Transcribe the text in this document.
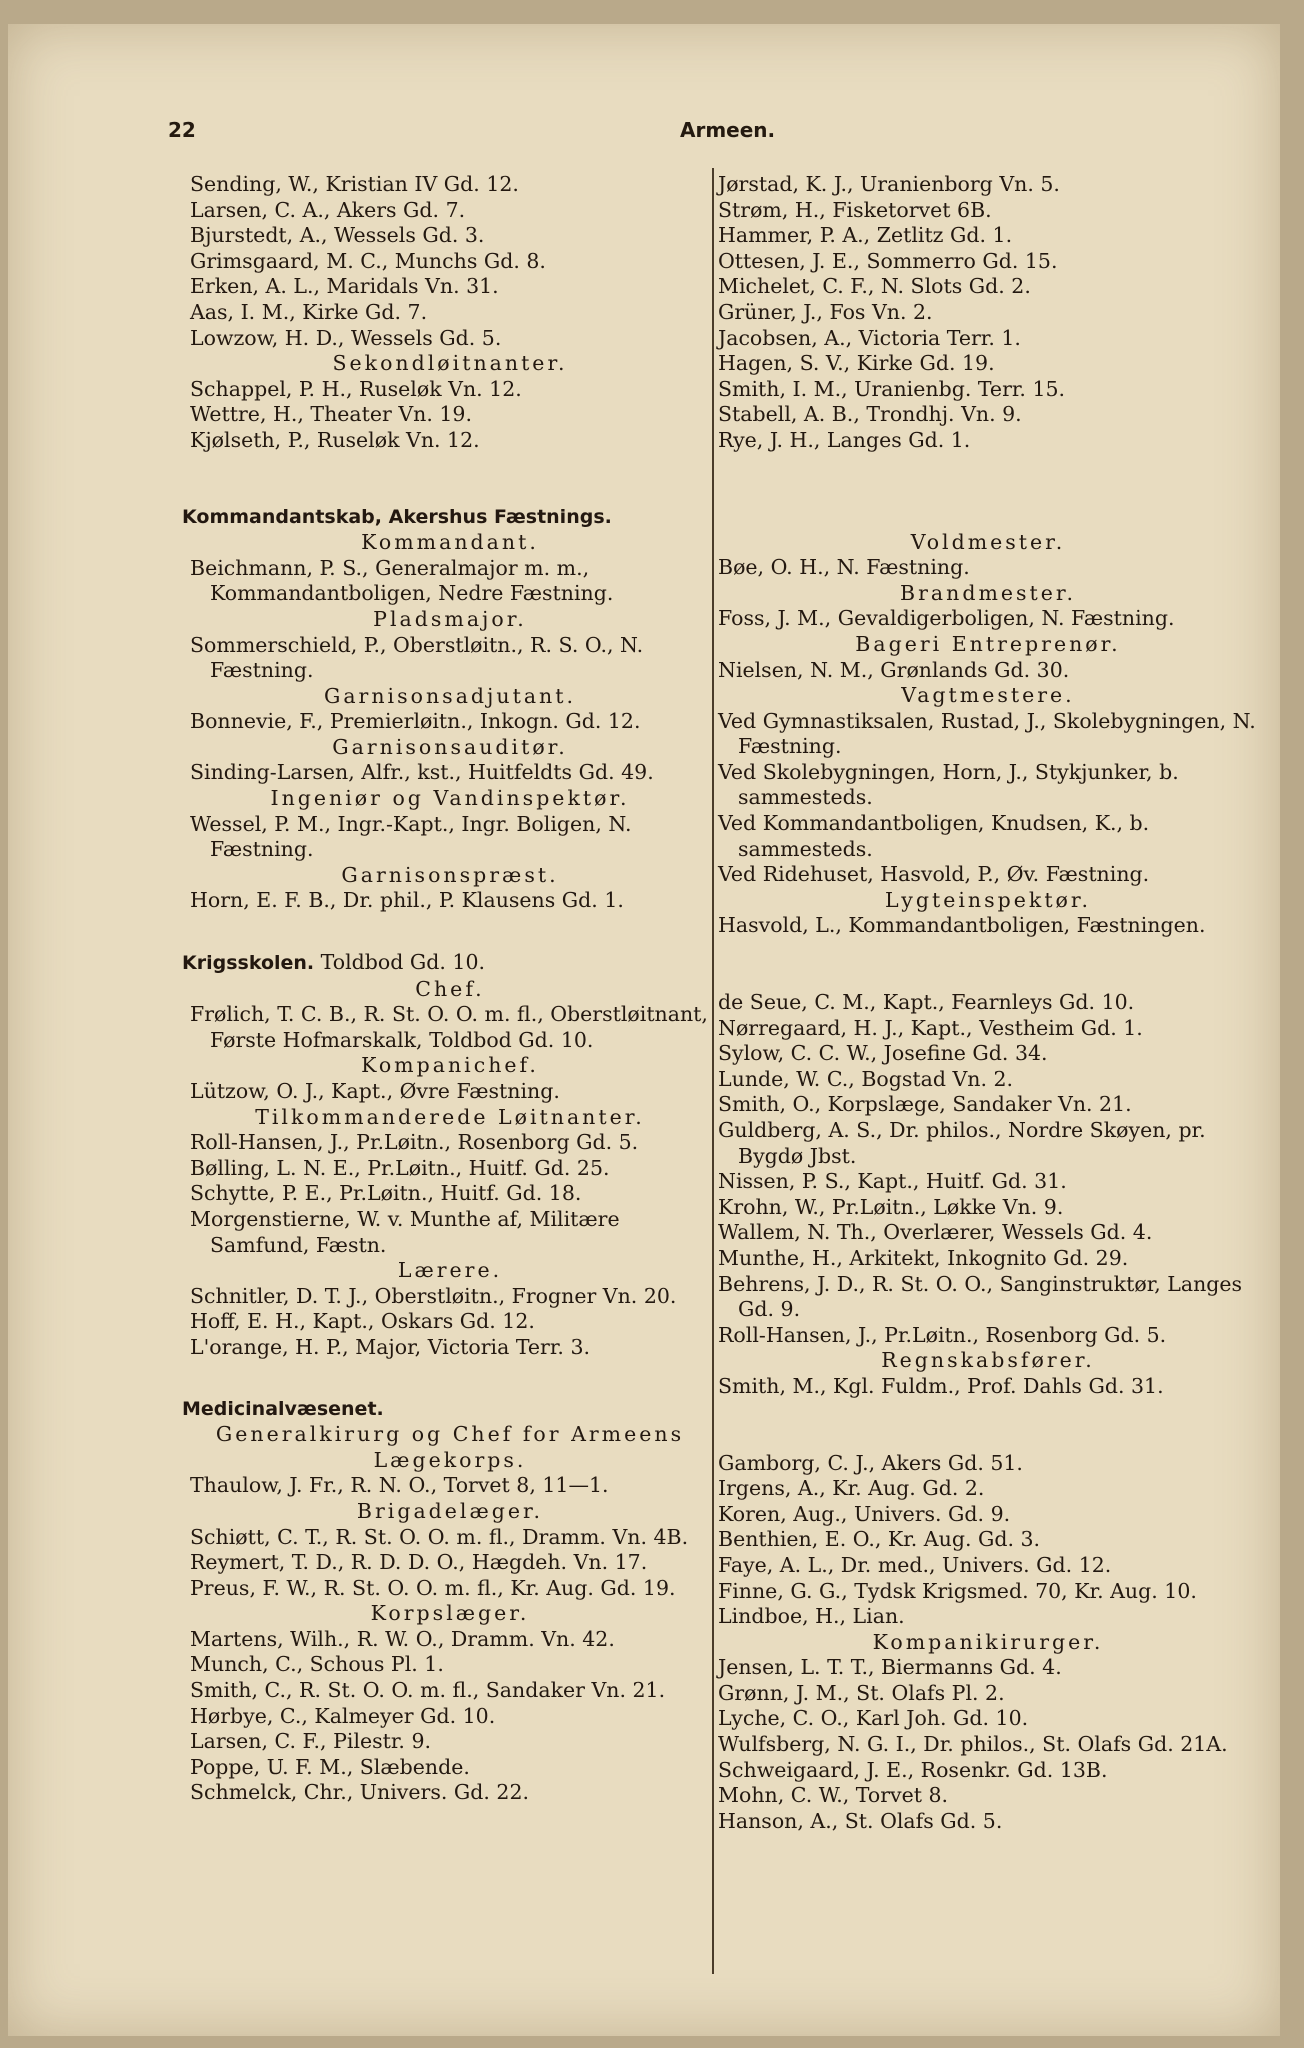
22	Armeen.
Sending, W., Kristian IV Gd. 12.
Larsen, C. A., Akers Gd. 7.
Bjurstedt, A., Wessels Gd. 3.
Grimsgaard, M. C., Munchs Gd. 8.
Erken, A. L., Maridals Vn. 31.
Aas, I. M., Kirke Gd. 7.
Lowzow, H. D., Wessels Gd. 5.
Sekondløitnanter.
Schappel, P. H., Ruseløk Vn. 12.
Wettre, H., Theater Vn. 19.
Kjølseth, P., Ruseløk Vn. 12.
Kommandantskab, Akershus Fæstnings.
Kommandant.
Beichmann, P. S., Generalmajor m. m., Kommandantboligen, Nedre Fæstning.
Pladsmajor.
Sommerschield, P., Oberstløitn., R. S. O., N. Fæstning.
Garnisonsadjutant.
Bonnevie, F., Premierløitn., Inkogn. Gd. 12.
Garnisonsauditør.
Sinding-Larsen, Alfr., kst., Huitfeldts Gd. 49.
Ingeniør og Vandinspektør.
Wessel, P. M., Ingr.-Kapt., Ingr. Boligen, N. Fæstning.
Garnisonspræst.
Horn, E. F. B., Dr. phil., P. Klausens Gd. 1.
Krigsskolen. Toldbod Gd. 10.
Chef.
Frølich, T. C. B., R. St. O. O. m. fl., Oberstløitnant, Første Hofmarskalk, Toldbod Gd. 10.
Kompanichef.
Lützow, O. J., Kapt., Øvre Fæstning.
Tilkommanderede Løitnanter.
Roll-Hansen, J., Pr.Løitn., Rosenborg Gd. 5.
Bølling, L. N. E., Pr.Løitn., Huitf. Gd. 25.
Schytte, P. E., Pr.Løitn., Huitf. Gd. 18.
Morgenstierne, W. v. Munthe af, Militære Samfund, Fæstn.
Lærere.
Schnitler, D. T. J., Oberstløitn., Frogner Vn. 20.
Hoff, E. H., Kapt., Oskars Gd. 12.
L'orange, H. P., Major, Victoria Terr. 3.
Medicinalvæsenet.
Generalkirurg og Chef for Armeens
Lægekorps.
Thaulow, J. Fr., R. N. O., Torvet 8, 11—1.
Brigadelæger.
Schiøtt, C. T., R. St. O. O. m. fl., Dramm. Vn. 4B.
Reymert, T. D., R. D. D. O., Hægdeh. Vn. 17.
Preus, F. W., R. St. O. O. m. fl., Kr. Aug. Gd. 19.
Korpslæger.
Martens, Wilh., R. W. O., Dramm. Vn. 42.
Munch, C., Schous Pl. 1.
Smith, C., R. St. O. O. m. fl., Sandaker Vn. 21.
Hørbye, C., Kalmeyer Gd. 10.
Larsen, C. F., Pilestr. 9.
Poppe, U. F. M., Slæbende.
Schmelck, Chr., Univers. Gd. 22.
Jørstad, K. J., Uranienborg Vn. 5.
Strøm, H., Fisketorvet 6B.
Hammer, P. A., Zetlitz Gd. 1.
Ottesen, J. E., Sommerro Gd. 15.
Michelet, C. F., N. Slots Gd. 2.
Grüner, J., Fos Vn. 2.
Jacobsen, A., Victoria Terr. 1.
Hagen, S. V., Kirke Gd. 19.
Smith, I. M., Uranienbg. Terr. 15.
Stabell, A. B., Trondhj. Vn. 9.
Rye, J. H., Langes Gd. 1.
Voldmester.
Bøe, O. H., N. Fæstning.
Brandmester.
Foss, J. M., Gevaldigerboligen, N. Fæstning.
Bageri Entreprenør.
Nielsen, N. M., Grønlands Gd. 30.
Vagtmestere.
Ved Gymnastiksalen, Rustad, J., Skolebygningen, N. Fæstning.
Ved Skolebygningen, Horn, J., Stykjunker, b. sammesteds.
Ved Kommandantboligen, Knudsen, K., b. sammesteds.
Ved Ridehuset, Hasvold, P., Øv. Fæstning.
Lygteinspektør.
Hasvold, L., Kommandantboligen, Fæstningen.
de Seue, C. M., Kapt., Fearnleys Gd. 10.
Nørregaard, H. J., Kapt., Vestheim Gd. 1.
Sylow, C. C. W., Josefine Gd. 34.
Lunde, W. C., Bogstad Vn. 2.
Smith, O., Korpslæge, Sandaker Vn. 21.
Guldberg, A. S., Dr. philos., Nordre Skøyen, pr. Bygdø Jbst.
Nissen, P. S., Kapt., Huitf. Gd. 31.
Krohn, W., Pr.Løitn., Løkke Vn. 9.
Wallem, N. Th., Overlærer, Wessels Gd. 4.
Munthe, H., Arkitekt, Inkognito Gd. 29.
Behrens, J. D., R. St. O. O., Sanginstruktør, Langes Gd. 9.
Roll-Hansen, J., Pr.Løitn., Rosenborg Gd. 5.
Regnskabsfører.
Smith, M., Kgl. Fuldm., Prof. Dahls Gd. 31.
Gamborg, C. J., Akers Gd. 51.
Irgens, A., Kr. Aug. Gd. 2.
Koren, Aug., Univers. Gd. 9.
Benthien, E. O., Kr. Aug. Gd. 3.
Faye, A. L., Dr. med., Univers. Gd. 12.
Finne, G. G., Tydsk Krigsmed. 70, Kr. Aug. 10.
Lindboe, H., Lian.
Kompanikirurger.
Jensen, L. T. T., Biermanns Gd. 4.
Grønn, J. M., St. Olafs Pl. 2.
Lyche, C. O., Karl Joh. Gd. 10.
Wulfsberg, N. G. I., Dr. philos., St. Olafs Gd. 21A.
Schweigaard, J. E., Rosenkr. Gd. 13B.
Mohn, C. W., Torvet 8.
Hanson, A., St. Olafs Gd. 5.
